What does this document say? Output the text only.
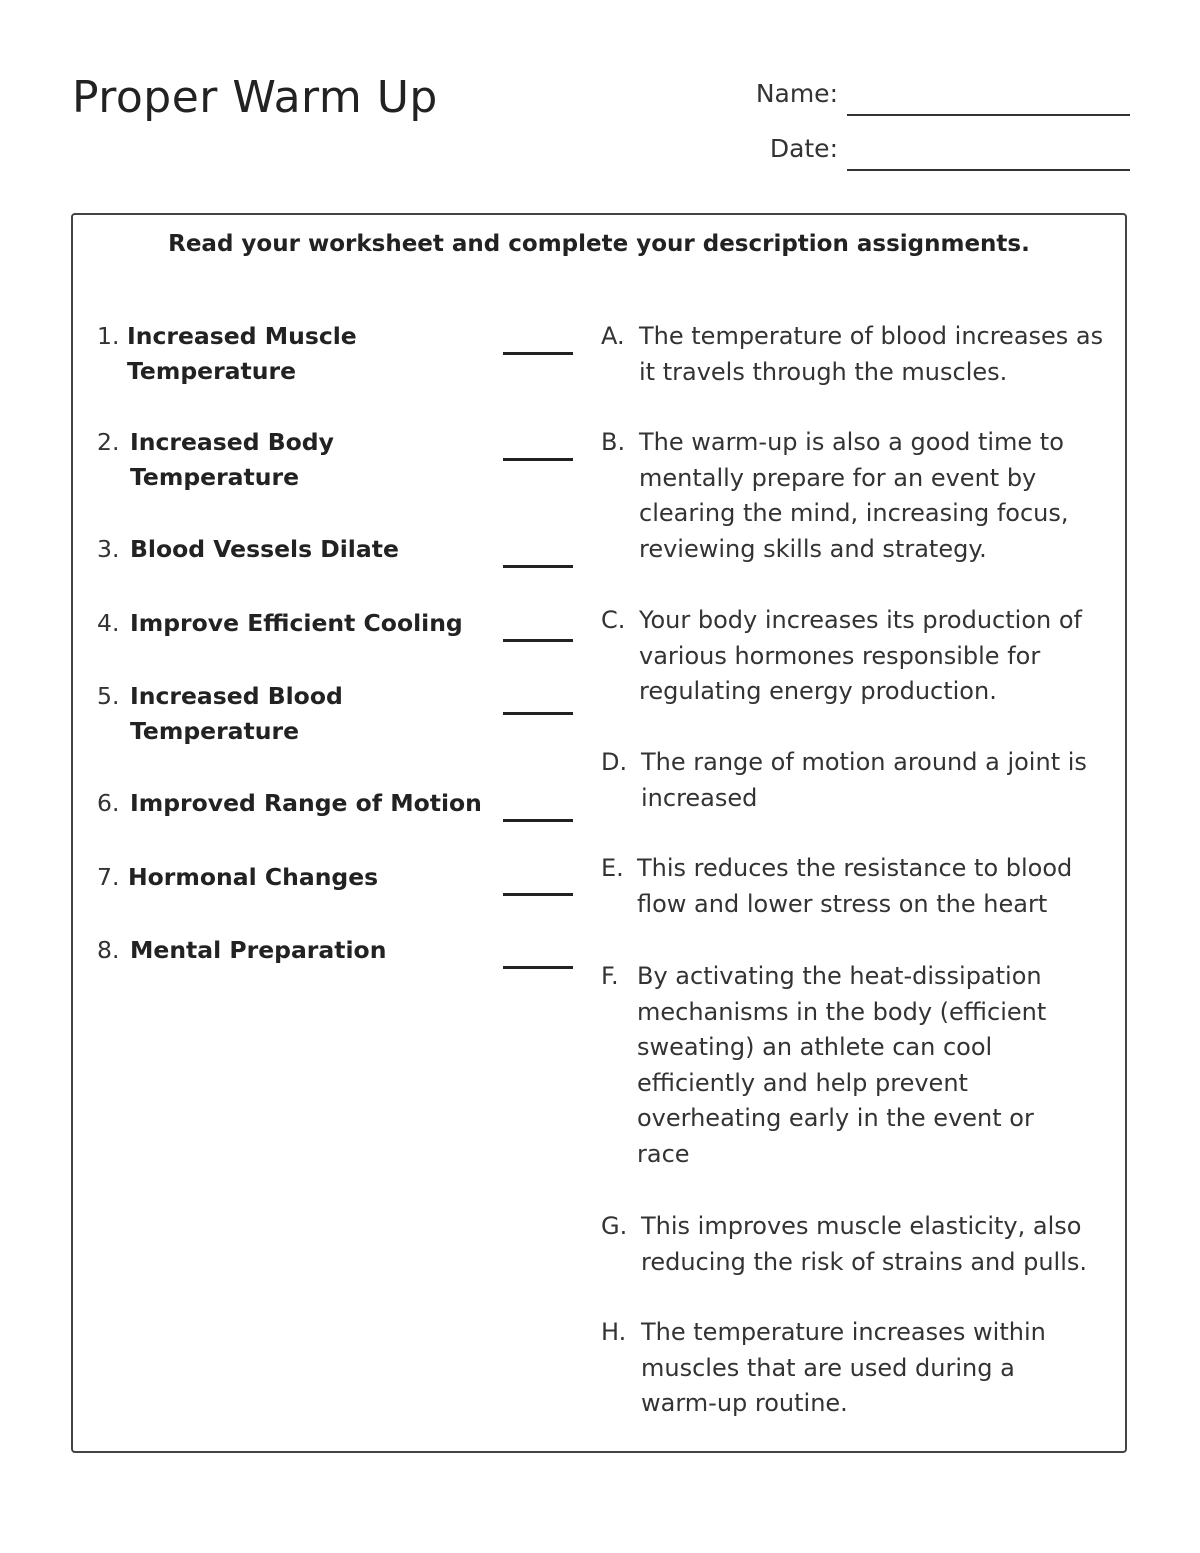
Proper Warm Up	Name:
Date:
Read your worksheet and complete your description assignments.
1. Increased Muscle Temperature
2. Increased Body Temperature
3. Blood Vessels Dilate
4. Improve Efficient Cooling
5. Increased Blood Temperature
6. Improved Range of Motion
7. Hormonal Changes
8. Mental Preparation
A. The temperature of blood increases as it travels through the muscles.
B. The warm-up is also a good time to mentally prepare for an event by clearing the mind, increasing focus, reviewing skills and strategy.
C. Your body increases its production of various hormones responsible for regulating energy production.
D. The range of motion around a joint is increased
E. This reduces the resistance to blood flow and lower stress on the heart
F. By activating the heat-dissipation mechanisms in the body (efficient sweating) an athlete can cool efficiently and help prevent overheating early in the event or race
G. This improves muscle elasticity, also reducing the risk of strains and pulls.
H. The temperature increases within muscles that are used during a warm-up routine.
